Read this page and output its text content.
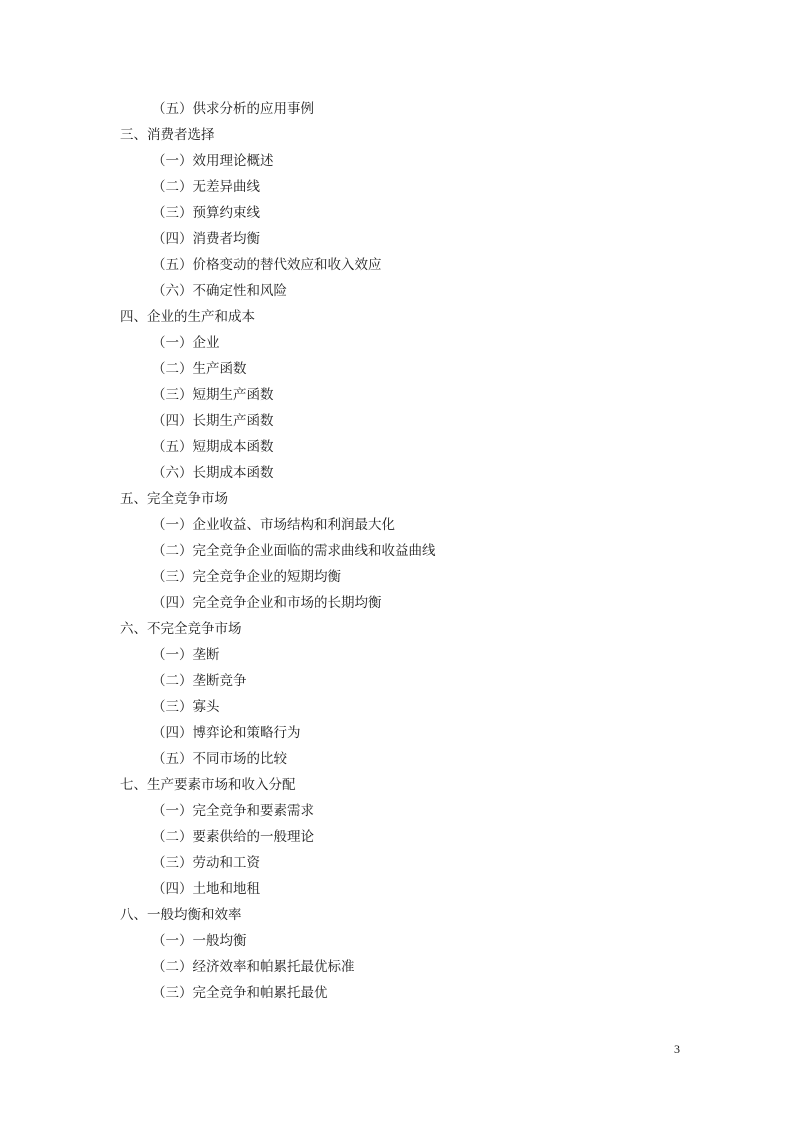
（五）供求分析的应用事例
三、消费者选择
（一）效用理论概述
（二）无差异曲线
（三）预算约束线
（四）消费者均衡
（五）价格变动的替代效应和收入效应
（六）不确定性和风险
四、企业的生产和成本
（一）企业
（二）生产函数
（三）短期生产函数
（四）长期生产函数
（五）短期成本函数
（六）长期成本函数
五、完全竞争市场
（一）企业收益、市场结构和利润最大化
（二）完全竞争企业面临的需求曲线和收益曲线
（三）完全竞争企业的短期均衡
（四）完全竞争企业和市场的长期均衡
六、不完全竞争市场
（一）垄断
（二）垄断竞争
（三）寡头
（四）博弈论和策略行为
（五）不同市场的比较
七、生产要素市场和收入分配
（一）完全竞争和要素需求
（二）要素供给的一般理论
（三）劳动和工资
（四）土地和地租
八、一般均衡和效率
（一）一般均衡
（二）经济效率和帕累托最优标准
（三）完全竞争和帕累托最优
3
